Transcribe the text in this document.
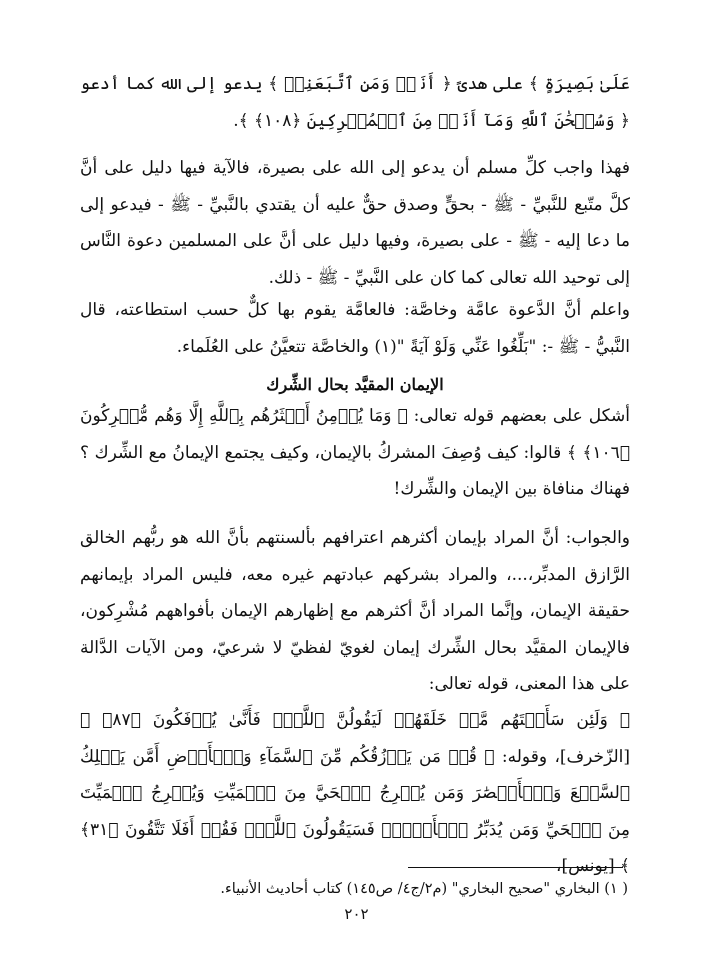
عَلَىٰ بَصِيرَةٍ ﴾ على هدىً ﴿ أَنَا۠ وَمَنِ ٱتَّبَعَنِيۖ ﴾ يدعو إلى الله كما أدعو ﴿ وَسُبۡحَٰنَ ٱللَّهِ وَمَآ أَنَا۠ مِنَ ٱلۡمُشۡرِكِينَ ﴿١٠٨﴾ ﴾.

فهذا واجب كلِّ مسلم أن يدعو إلى الله على بصيرة، فالآية فيها دليل على أنَّ كلَّ متّبع للنَّبيِّ - ﷺ - بحقٍّ وصدق حقٌّ عليه أن يقتدي بالنَّبيِّ - ﷺ - فيدعو إلى ما دعا إليه - ﷺ - على بصيرة، وفيها دليل على أنَّ على المسلمين دعوة النَّاس إلى توحيد الله تعالى كما كان على النَّبيِّ - ﷺ - ذلك.

واعلم أنَّ الدَّعوة عامَّة وخاصَّة: فالعامَّة يقوم بها كلٌّ حسب استطاعته، قال النَّبيُّ - ﷺ -: "بَلِّغُوا عَنِّي وَلَوْ آيَةً "(١) والخاصَّة تتعيَّنُ على العُلَماء.

الإيمان المقيَّد بحال الشِّرك

أشكل على بعضهم قوله تعالى: ﴿ وَمَا يُؤۡمِنُ أَكۡثَرُهُم بِٱللَّهِ إِلَّا وَهُم مُّشۡرِكُونَ ﴿١٠٦﴾ ﴾ قالوا: كيف وُصِفَ المشركُ بالإيمان، وكيف يجتمع الإيمانُ مع الشِّرك ؟ فهناك منافاة بين الإيمان والشِّرك!

والجواب: أنَّ المراد بإيمان أكثرهم اعترافهم بألسنتهم بأنَّ الله هو ربُّهم الخالق الرَّازق المدبِّر،...، والمراد بشركهم عبادتهم غيره معه، فليس المراد بإيمانهم حقيقة الإيمان، وإنَّما المراد أنَّ أكثرهم مع إظهارهم الإيمان بأفواههم مُشْرِكون، فالإيمان المقيَّد بحال الشِّرك إيمان لغويّ لفظيّ لا شرعيّ، ومن الآيات الدَّالة على هذا المعنى، قوله تعالى:

﴿ وَلَئِن سَأَلۡتَهُم مَّنۡ خَلَقَهُمۡ لَيَقُولُنَّ ٱللَّهُۖ فَأَنَّىٰ يُؤۡفَكُونَ ﴿٨٧﴾ ﴾ [الزّخرف]، وقوله: ﴿ قُلۡ مَن يَرۡزُقُكُم مِّنَ ٱلسَّمَآءِ وَٱلۡأَرۡضِ أَمَّن يَمۡلِكُ ٱلسَّمۡعَ وَٱلۡأَبۡصَٰرَ وَمَن يُخۡرِجُ ٱلۡحَيَّ مِنَ ٱلۡمَيِّتِ وَيُخۡرِجُ ٱلۡمَيِّتَ مِنَ ٱلۡحَيِّ وَمَن يُدَبِّرُ ٱلۡأَمۡرَۚ فَسَيَقُولُونَ ٱللَّهُۚ فَقُلۡ أَفَلَا تَتَّقُونَ ﴿٣١﴾ ﴾ [يونس]،

( ١) البخاري "صحيح البخاري" (م٢/ج٤/ ص١٤٥) كتاب أحاديث الأنبياء.
٢٠٢
